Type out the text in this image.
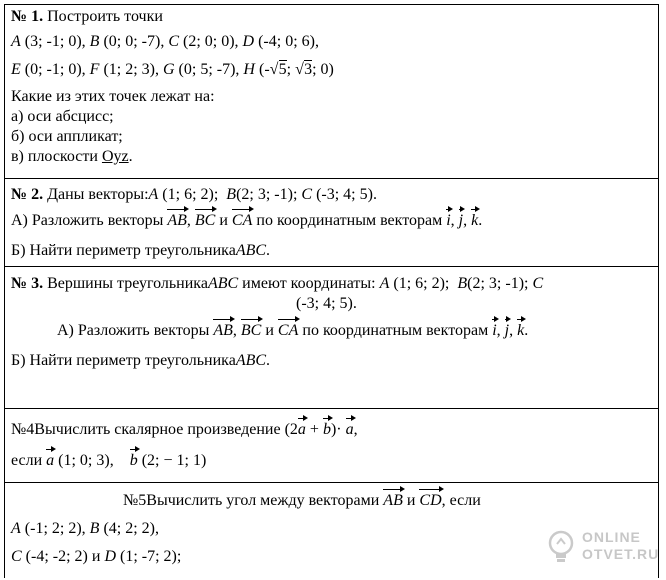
№ 1. Построить точки
A (3; -1; 0), B (0; 0; -7), C (2; 0; 0), D (-4; 0; 6),
E (0; -1; 0), F (1; 2; 3), G (0; 5; -7), H (-√ 5; √ 3; 0)
Какие из этих точек лежат на:
а) оси абсцисс;
б) оси аппликат;
в) плоскости Oyz.
№ 2. Даны векторы:A (1; 6; 2); B(2; 3; -1); C (-3; 4; 5).
А) Разложить векторы AB, BC и CA по координатным векторам i, j, k.
Б) Найти периметр треугольникаABC.
№ 3. Вершины треугольникаABC имеют координаты: A (1; 6; 2); B(2; 3; -1); C
(-3; 4; 5).
А) Разложить векторы AB, BC и CA по координатным векторам i, j, k.
Б) Найти периметр треугольникаABC.
№4Вычислить скалярное произведение (2a + b)· a,
если a (1; 0; 3), b (2; − 1; 1)
№5Вычислить угол между векторами AB и CD, если
A (-1; 2; 2), B (4; 2; 2),
C (-4; -2; 2) и D (1; -7; 2);
ONLINE
OTVET.RU
